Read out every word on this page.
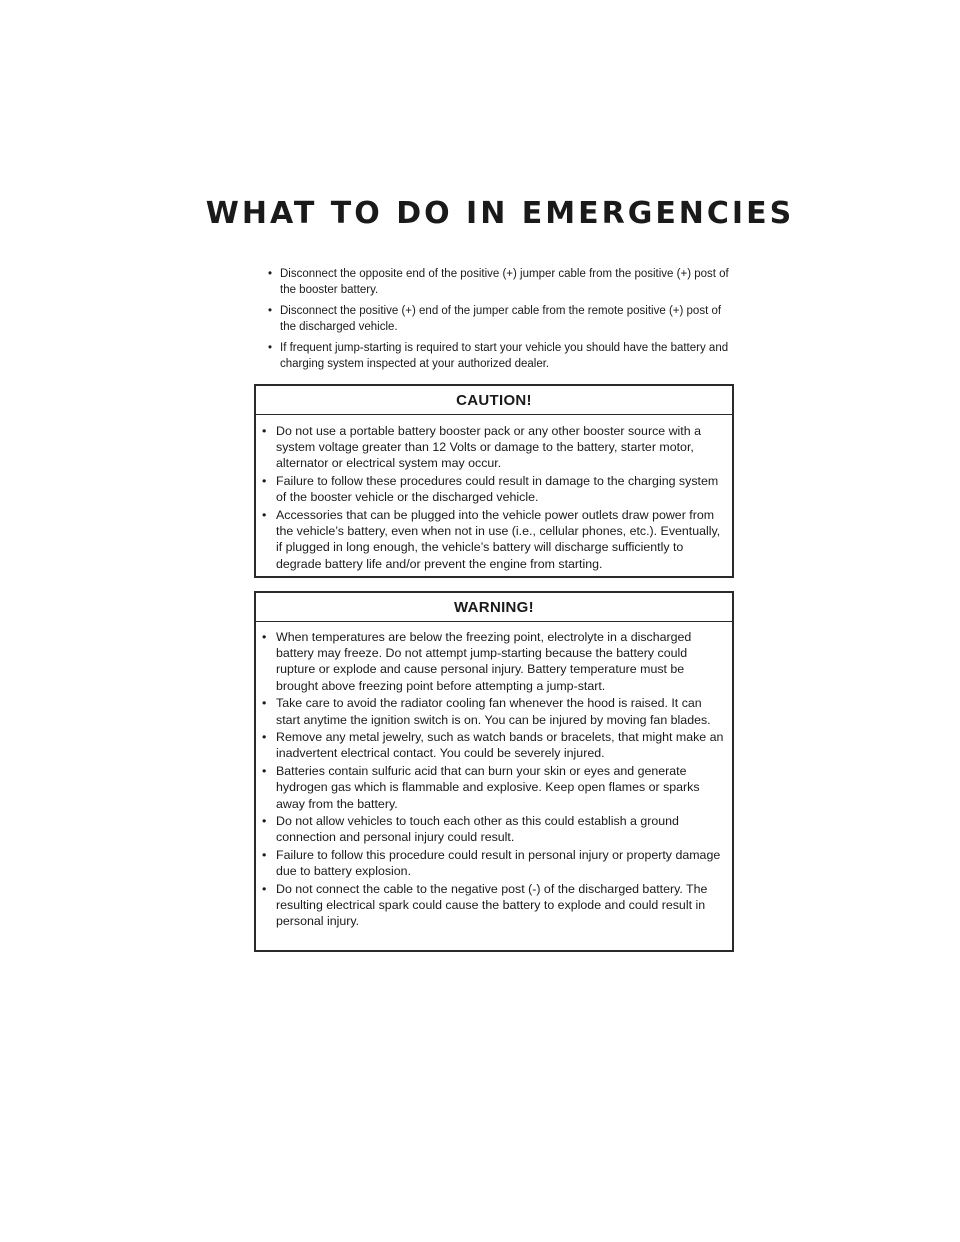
WHAT TO DO IN EMERGENCIES
• Disconnect the opposite end of the positive (+) jumper cable from the positive (+) post of the booster battery.
• Disconnect the positive (+) end of the jumper cable from the remote positive (+) post of the discharged vehicle.
• If frequent jump-starting is required to start your vehicle you should have the battery and charging system inspected at your authorized dealer.
CAUTION!
• Do not use a portable battery booster pack or any other booster source with a system voltage greater than 12 Volts or damage to the battery, starter motor, alternator or electrical system may occur.
• Failure to follow these procedures could result in damage to the charging system of the booster vehicle or the discharged vehicle.
• Accessories that can be plugged into the vehicle power outlets draw power from the vehicle’s battery, even when not in use (i.e., cellular phones, etc.). Eventually, if plugged in long enough, the vehicle’s battery will discharge sufficiently to degrade battery life and/or prevent the engine from starting.
WARNING!
• When temperatures are below the freezing point, electrolyte in a discharged battery may freeze. Do not attempt jump-starting because the battery could rupture or explode and cause personal injury. Battery temperature must be brought above freezing point before attempting a jump-start.
• Take care to avoid the radiator cooling fan whenever the hood is raised. It can start anytime the ignition switch is on. You can be injured by moving fan blades.
• Remove any metal jewelry, such as watch bands or bracelets, that might make an inadvertent electrical contact. You could be severely injured.
• Batteries contain sulfuric acid that can burn your skin or eyes and generate hydrogen gas which is flammable and explosive. Keep open flames or sparks away from the battery.
• Do not allow vehicles to touch each other as this could establish a ground connection and personal injury could result.
• Failure to follow this procedure could result in personal injury or property damage due to battery explosion.
• Do not connect the cable to the negative post (-) of the discharged battery. The resulting electrical spark could cause the battery to explode and could result in personal injury.
